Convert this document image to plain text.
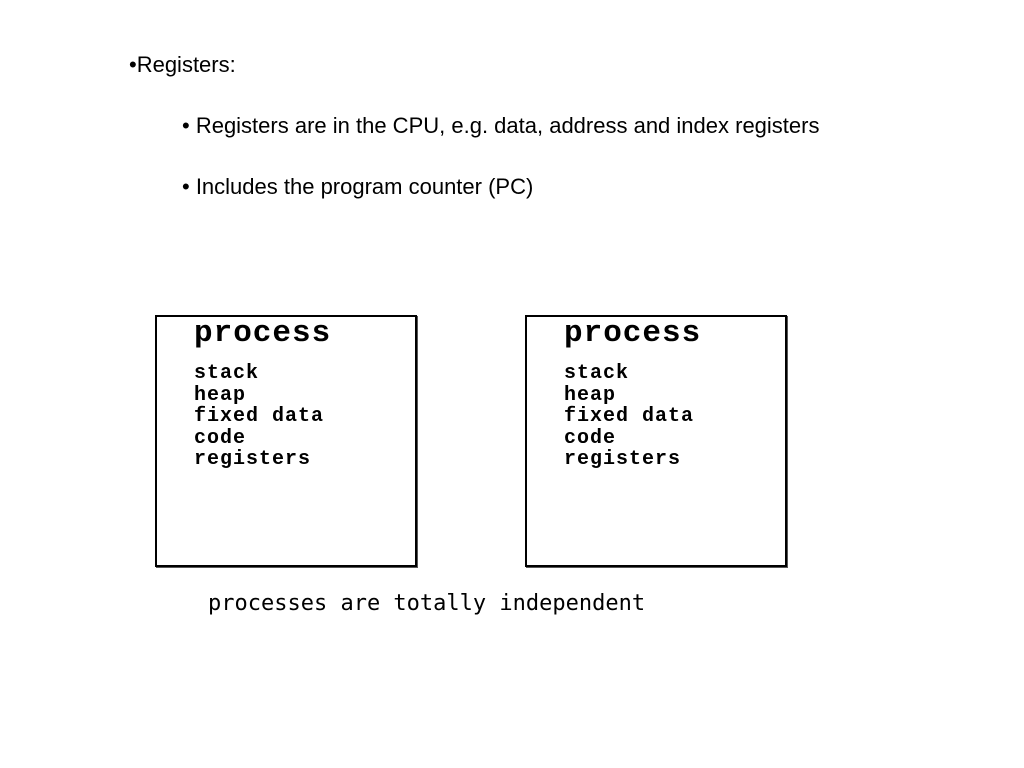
•Registers:
• Registers are in the CPU, e.g. data, address and index registers
• Includes the program counter (PC)
process
stack
heap
fixed data
code
registers
process
stack
heap
fixed data
code
registers
processes are totally independent
